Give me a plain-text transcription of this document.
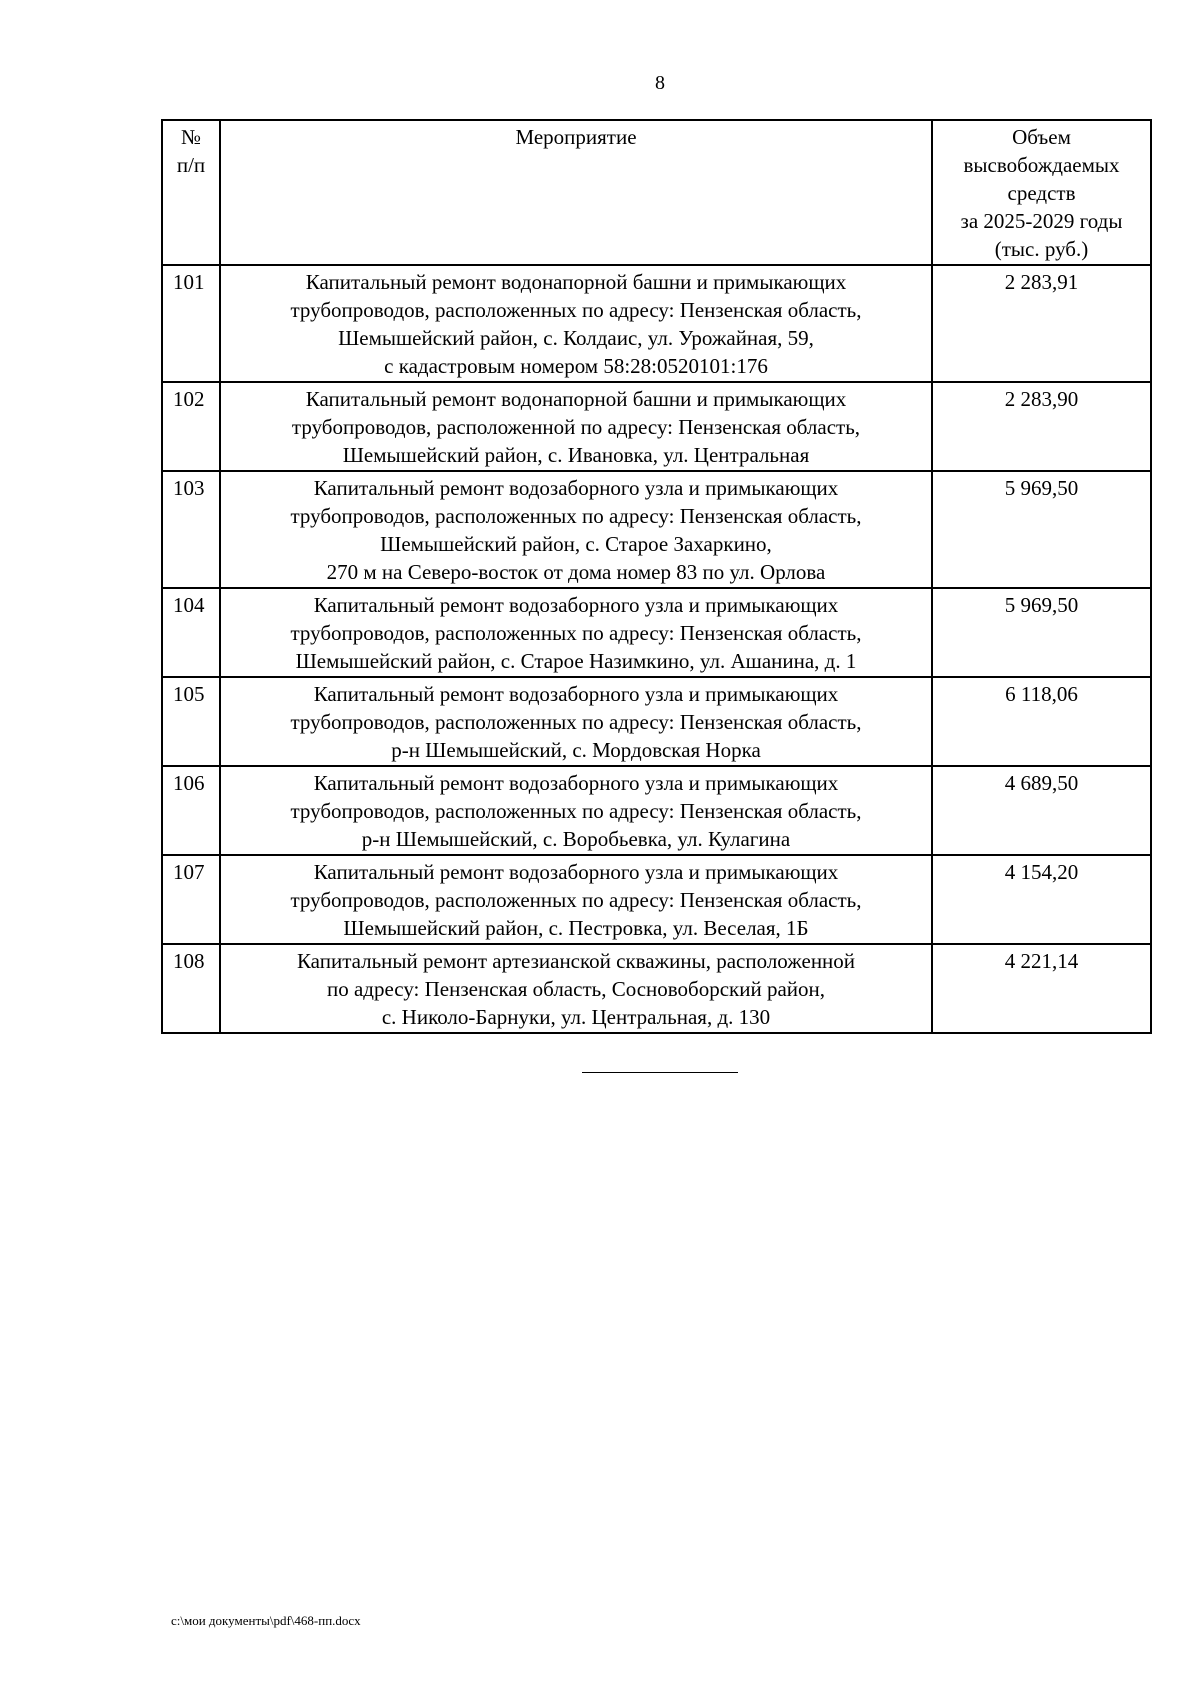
8
№
п/п	Мероприятие	Объем
высвобождаемых
средств
за 2025-2029 годы
(тыс. руб.)

101	Капитальный ремонт водонапорной башни и примыкающих
трубопроводов, расположенных по адресу: Пензенская область,
Шемышейский район, с. Колдаис, ул. Урожайная, 59,
с кадастровым номером 58:28:0520101:176	2 283,91
102	Капитальный ремонт водонапорной башни и примыкающих
трубопроводов, расположенной по адресу: Пензенская область,
Шемышейский район, с. Ивановка, ул. Центральная	2 283,90
103	Капитальный ремонт водозаборного узла и примыкающих
трубопроводов, расположенных по адресу: Пензенская область,
Шемышейский район, с. Старое Захаркино,
270 м на Северо-восток от дома номер 83 по ул. Орлова	5 969,50
104	Капитальный ремонт водозаборного узла и примыкающих
трубопроводов, расположенных по адресу: Пензенская область,
Шемышейский район, с. Старое Назимкино, ул. Ашанина, д. 1	5 969,50
105	Капитальный ремонт водозаборного узла и примыкающих
трубопроводов, расположенных по адресу: Пензенская область,
р-н Шемышейский, с. Мордовская Норка	6 118,06
106	Капитальный ремонт водозаборного узла и примыкающих
трубопроводов, расположенных по адресу: Пензенская область,
р-н Шемышейский, с. Воробьевка, ул. Кулагина	4 689,50
107	Капитальный ремонт водозаборного узла и примыкающих
трубопроводов, расположенных по адресу: Пензенская область,
Шемышейский район, с. Пестровка, ул. Веселая, 1Б	4 154,20
108	Капитальный ремонт артезианской скважины, расположенной
по адресу: Пензенская область, Сосновоборский район,
с. Николо-Барнуки, ул. Центральная, д. 130	4 221,14
c:\мои документы\pdf\468-пп.docx
